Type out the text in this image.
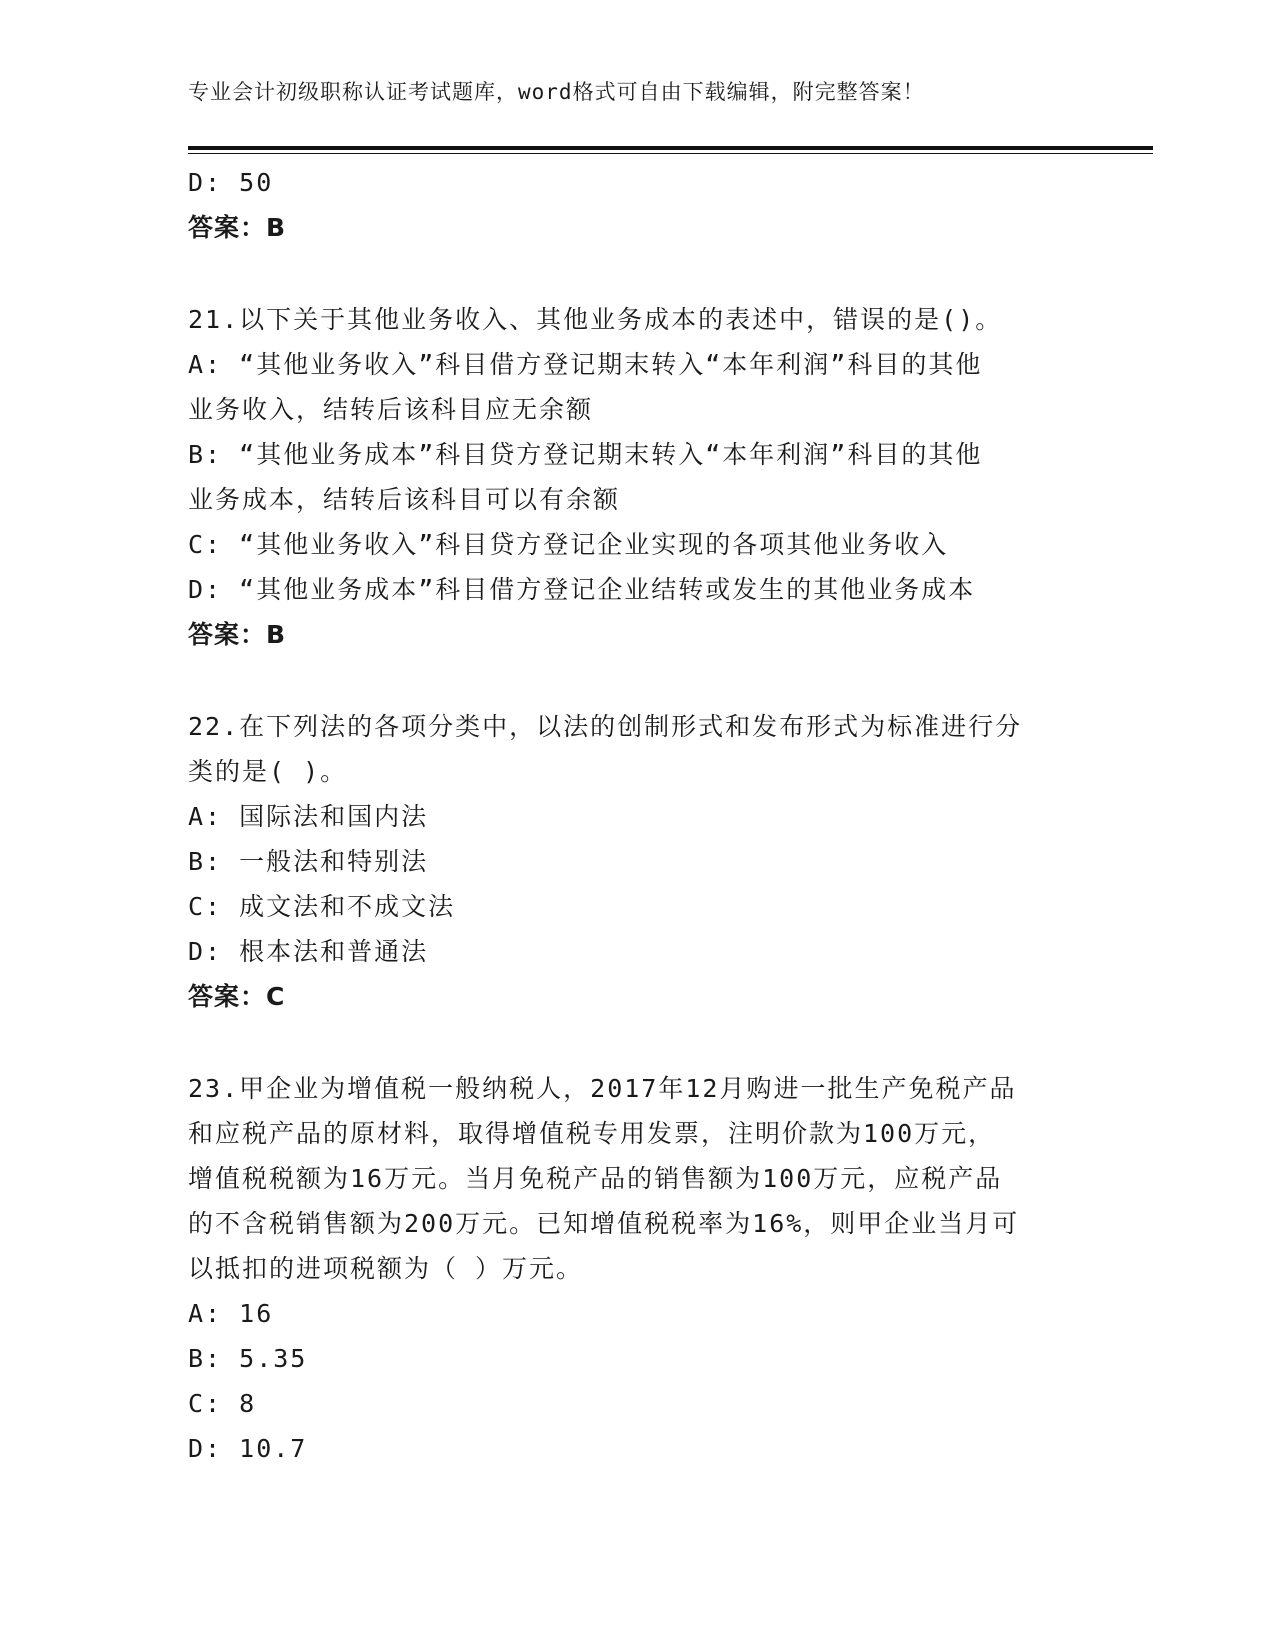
专业会计初级职称认证考试题库，word格式可自由下载编辑，附完整答案！
D: 50
答案：B
21.以下关于其他业务收入、其他业务成本的表述中，错误的是()。
A: “其他业务收入”科目借方登记期末转入“本年利润”科目的其他
业务收入，结转后该科目应无余额
B: “其他业务成本”科目贷方登记期末转入“本年利润”科目的其他
业务成本，结转后该科目可以有余额
C: “其他业务收入”科目贷方登记企业实现的各项其他业务收入
D: “其他业务成本”科目借方登记企业结转或发生的其他业务成本
答案：B
22.在下列法的各项分类中，以法的创制形式和发布形式为标准进行分
类的是( )。
A: 国际法和国内法
B: 一般法和特别法
C: 成文法和不成文法
D: 根本法和普通法
答案：C
23.甲企业为增值税一般纳税人，2017年12月购进一批生产免税产品
和应税产品的原材料，取得增值税专用发票，注明价款为100万元，
增值税税额为16万元。当月免税产品的销售额为100万元，应税产品
的不含税销售额为200万元。已知增值税税率为16%，则甲企业当月可
以抵扣的进项税额为（ ）万元。
A: 16
B: 5.35
C: 8
D: 10.7
